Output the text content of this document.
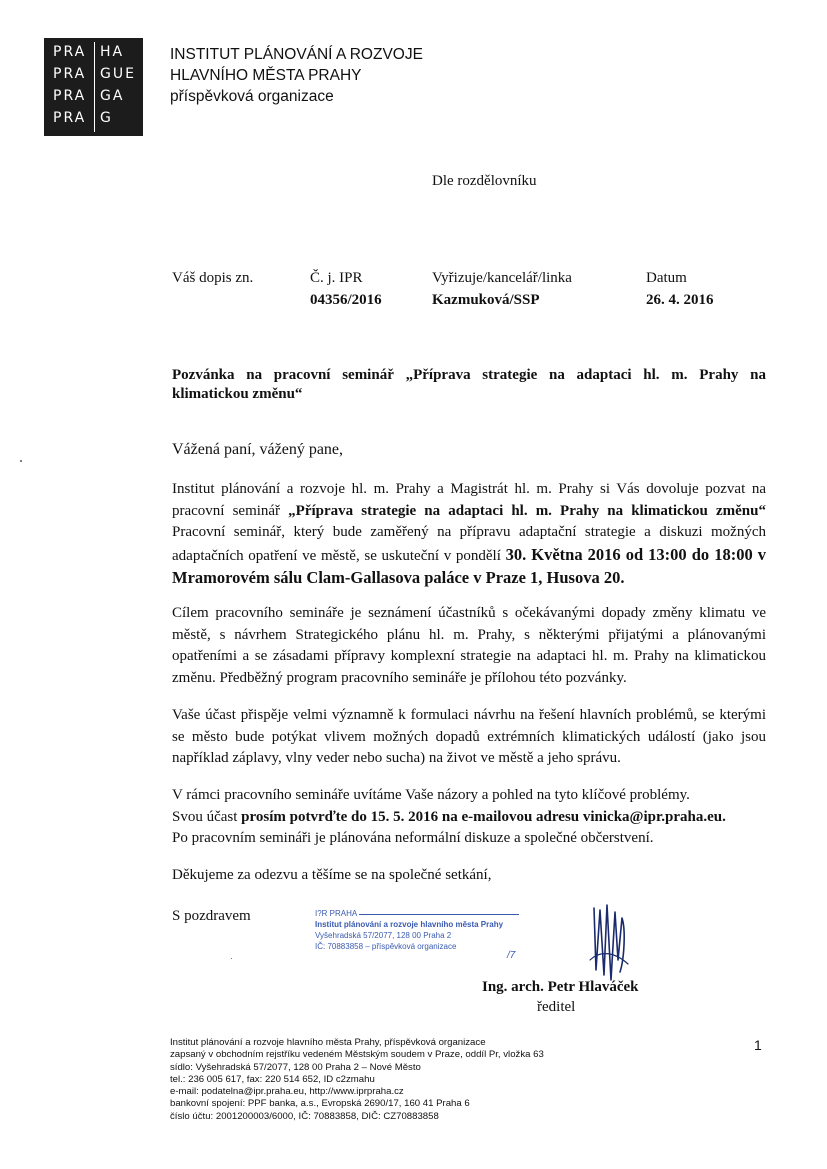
PRA HA
PRA GUE
PRA GA
PRA G
INSTITUT PLÁNOVÁNÍ A ROZVOJE
HLAVNÍHO MĚSTA PRAHY
příspěvková organizace
Dle rozdělovníku
Váš dopis zn.	Č. j. IPR
04356/2016
Vyřizuje/kancelář/linka
Kazmuková/SSP
Datum
26. 4. 2016
Pozvánka na pracovní seminář „Příprava strategie na adaptaci hl. m. Prahy na
klimatickou změnu“
Vážená paní, vážený pane,
Institut plánování a rozvoje hl. m. Prahy a Magistrát hl. m. Prahy si Vás dovoluje pozvat na pracovní seminář „Příprava strategie na adaptaci hl. m. Prahy na klimatickou změnu“ Pracovní seminář, který bude zaměřený na přípravu adaptační strategie a diskuzi možných adaptačních opatření ve městě, se uskuteční v pondělí 30. Května 2016 od 13:00 do 18:00 v Mramorovém sálu Clam-Gallasova paláce v Praze 1, Husova 20.
Cílem pracovního semináře je seznámení účastníků s očekávanými dopady změny klimatu ve městě, s návrhem Strategického plánu hl. m. Prahy, s některými přijatými a plánovanými opatřeními a se zásadami přípravy komplexní strategie na adaptaci hl. m. Prahy na klimatickou změnu. Předběžný program pracovního semináře je přílohou této pozvánky.
Vaše účast přispěje velmi významně k formulaci návrhu na řešení hlavních problémů, se kterými se město bude potýkat vlivem možných dopadů extrémních klimatických událostí (jako jsou například záplavy, vlny veder nebo sucha) na život ve městě a jeho správu.
V rámci pracovního semináře uvítáme Vaše názory a pohled na tyto klíčové problémy.
Svou účast prosím potvrďte do 15. 5. 2016 na e-mailovou adresu vinicka@ipr.praha.eu.
Po pracovním semináři je plánována neformální diskuze a společné občerstvení.
Děkujeme za odezvu a těšíme se na společné setkání,
S pozdravem	I?R PRAHA
Institut plánování a rozvoje hlavního města Prahy
Vyšehradská 57/2077, 128 00 Praha 2
IČ: 70883858 – příspěvková organizace
/7
Ing. arch. Petr Hlaváček
ředitel
Institut plánování a rozvoje hlavního města Prahy, příspěvková organizace
zapsaný v obchodním rejstříku vedeném Městským soudem v Praze, oddíl Pr, vložka 63
sídlo: Vyšehradská 57/2077, 128 00 Praha 2 – Nové Město
tel.: 236 005 617, fax: 220 514 652, ID c2zmahu
e-mail: podatelna@ipr.praha.eu, http://www.iprpraha.cz
bankovní spojení: PPF banka, a.s., Evropská 2690/17, 160 41 Praha 6
číslo účtu: 2001200003/6000, IČ: 70883858, DIČ: CZ70883858
1
